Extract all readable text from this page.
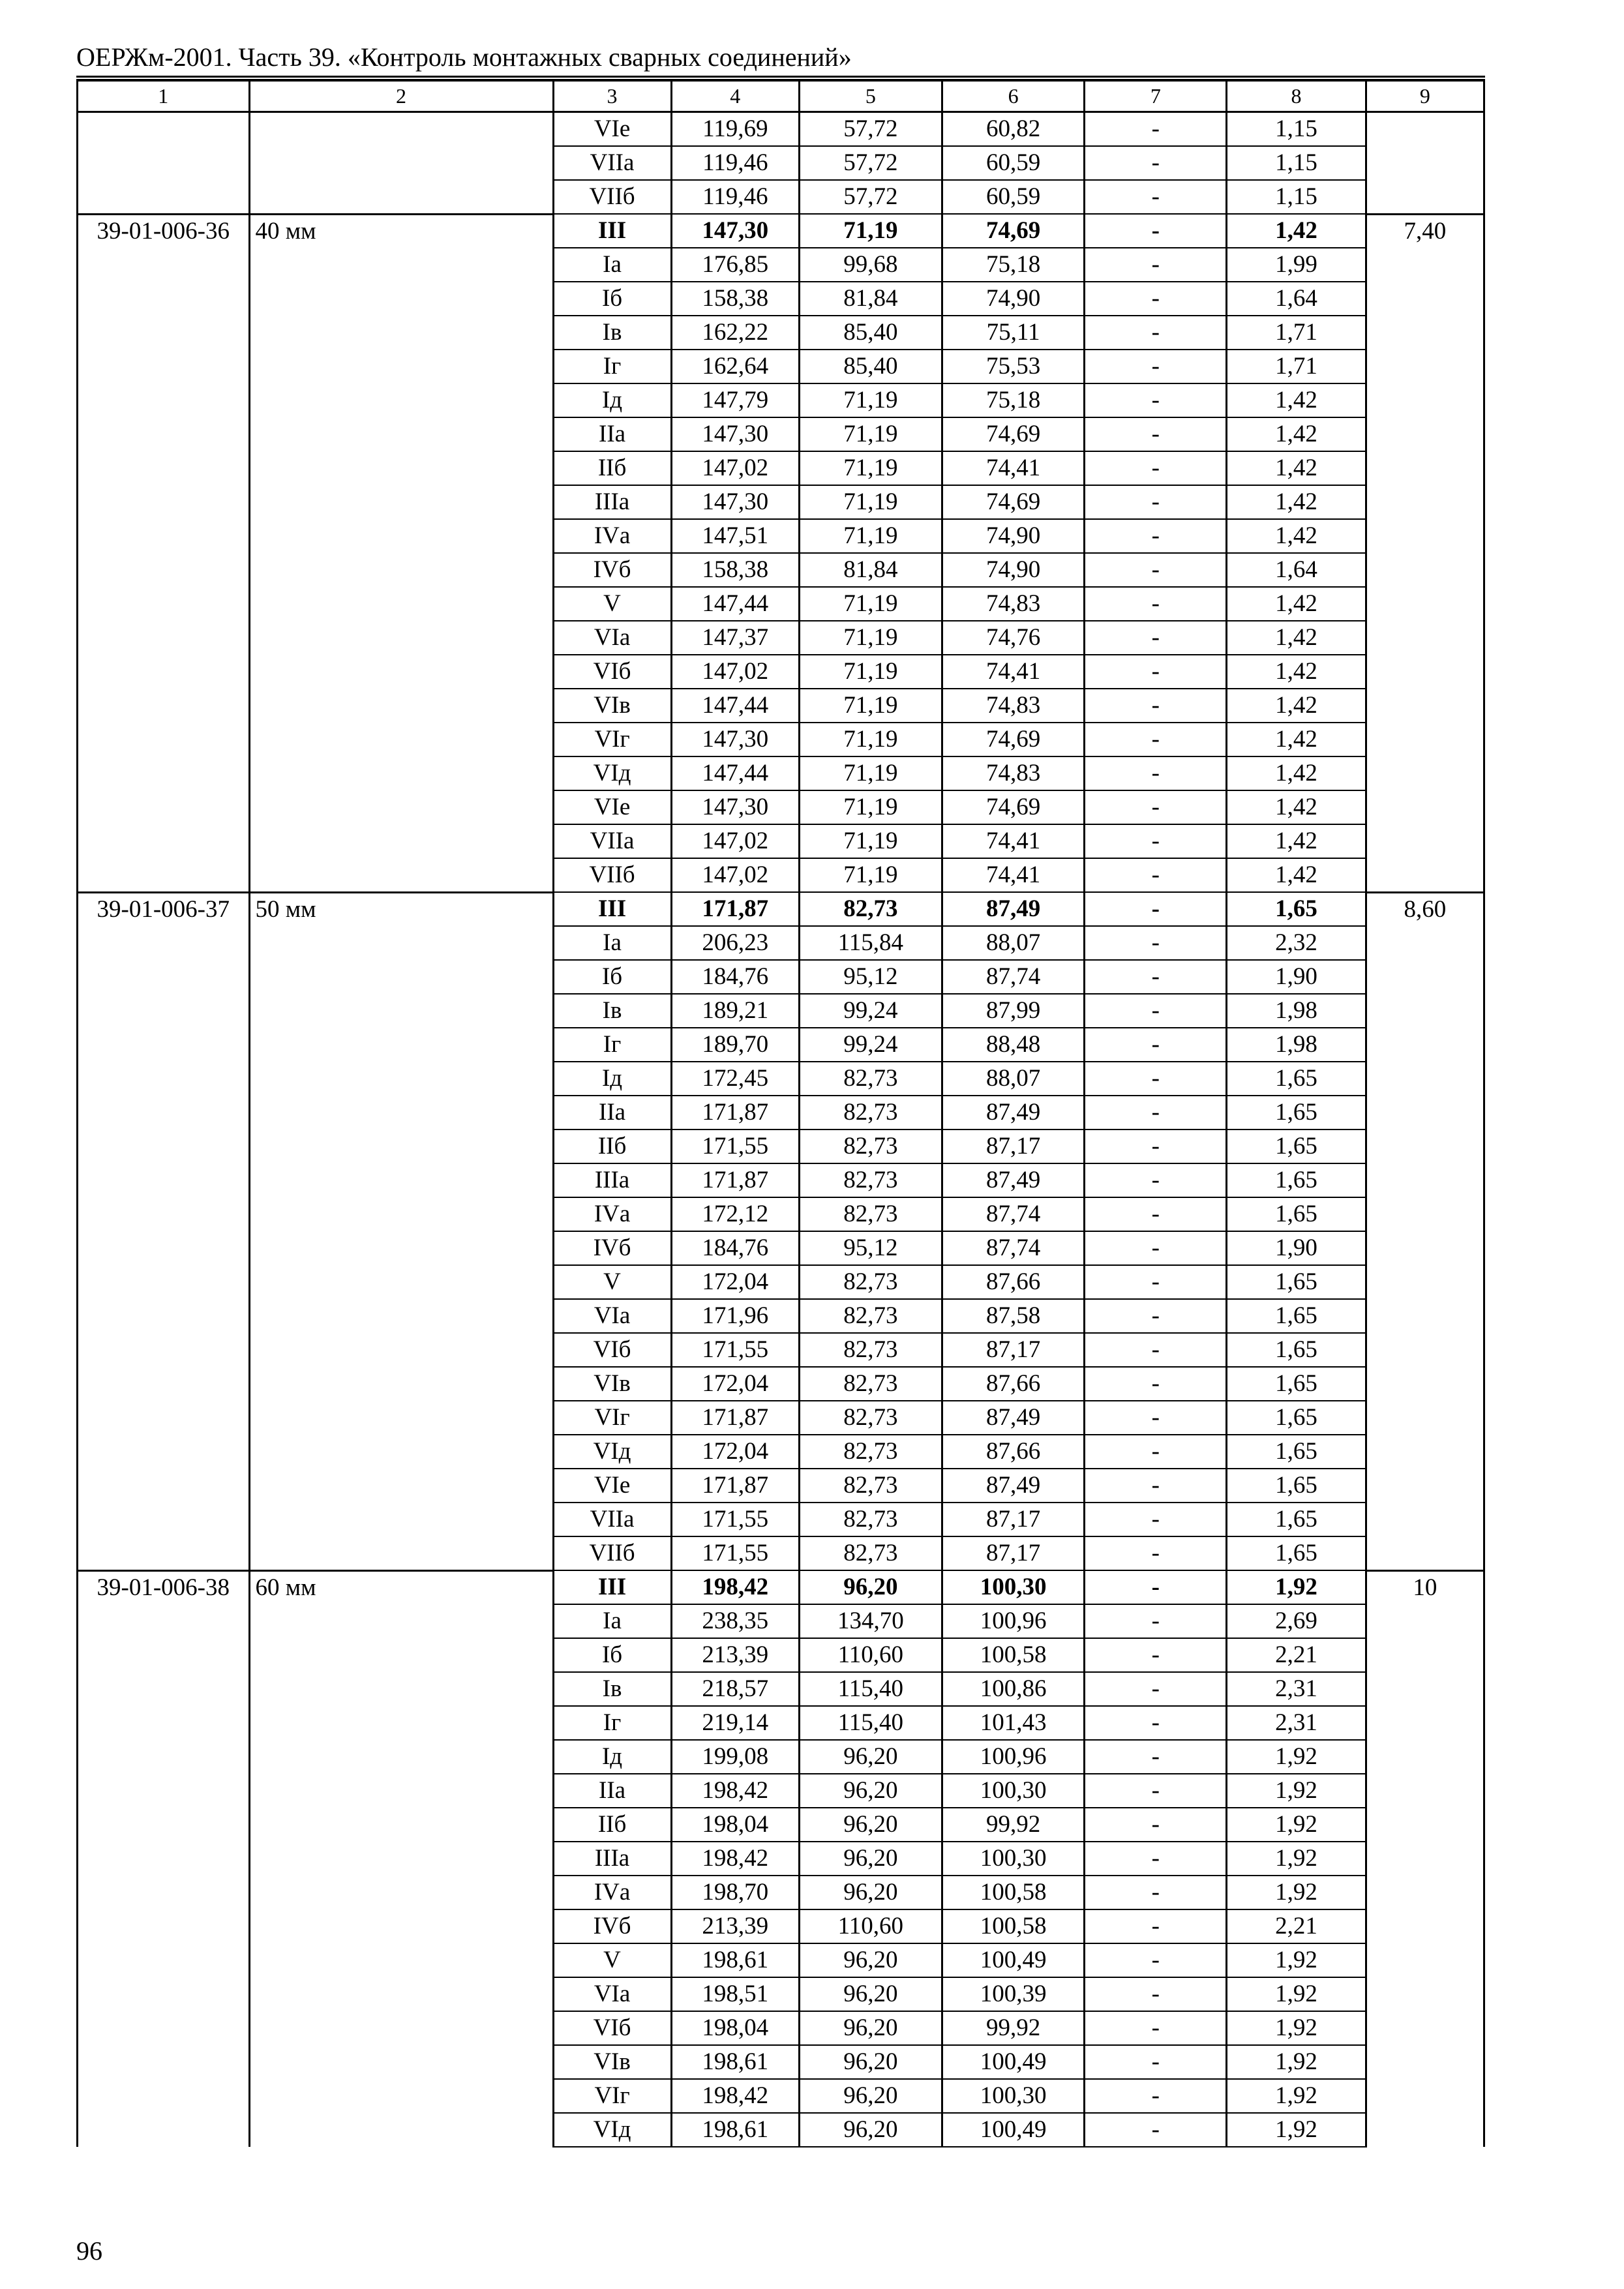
ОЕРЖм-2001. Часть 39. «Контроль монтажных сварных соединений»
1	2	3	4	5	6	7	8	9
		VIе	119,69	57,72	60,82	-	1,15	
		VIIа	119,46	57,72	60,59	-	1,15	
		VIIб	119,46	57,72	60,59	-	1,15	
39-01-006-36	40 мм	III	147,30	71,19	74,69	-	1,42	7,40
		Iа	176,85	99,68	75,18	-	1,99	
		Iб	158,38	81,84	74,90	-	1,64	
		Iв	162,22	85,40	75,11	-	1,71	
		Iг	162,64	85,40	75,53	-	1,71	
		Iд	147,79	71,19	75,18	-	1,42	
		IIа	147,30	71,19	74,69	-	1,42	
		IIб	147,02	71,19	74,41	-	1,42	
		IIIа	147,30	71,19	74,69	-	1,42	
		IVа	147,51	71,19	74,90	-	1,42	
		IVб	158,38	81,84	74,90	-	1,64	
		V	147,44	71,19	74,83	-	1,42	
		VIа	147,37	71,19	74,76	-	1,42	
		VIб	147,02	71,19	74,41	-	1,42	
		VIв	147,44	71,19	74,83	-	1,42	
		VIг	147,30	71,19	74,69	-	1,42	
		VIд	147,44	71,19	74,83	-	1,42	
		VIе	147,30	71,19	74,69	-	1,42	
		VIIа	147,02	71,19	74,41	-	1,42	
		VIIб	147,02	71,19	74,41	-	1,42	
39-01-006-37	50 мм	III	171,87	82,73	87,49	-	1,65	8,60
		Iа	206,23	115,84	88,07	-	2,32	
		Iб	184,76	95,12	87,74	-	1,90	
		Iв	189,21	99,24	87,99	-	1,98	
		Iг	189,70	99,24	88,48	-	1,98	
		Iд	172,45	82,73	88,07	-	1,65	
		IIа	171,87	82,73	87,49	-	1,65	
		IIб	171,55	82,73	87,17	-	1,65	
		IIIа	171,87	82,73	87,49	-	1,65	
		IVа	172,12	82,73	87,74	-	1,65	
		IVб	184,76	95,12	87,74	-	1,90	
		V	172,04	82,73	87,66	-	1,65	
		VIа	171,96	82,73	87,58	-	1,65	
		VIб	171,55	82,73	87,17	-	1,65	
		VIв	172,04	82,73	87,66	-	1,65	
		VIг	171,87	82,73	87,49	-	1,65	
		VIд	172,04	82,73	87,66	-	1,65	
		VIе	171,87	82,73	87,49	-	1,65	
		VIIа	171,55	82,73	87,17	-	1,65	
		VIIб	171,55	82,73	87,17	-	1,65	
39-01-006-38	60 мм	III	198,42	96,20	100,30	-	1,92	10
		Iа	238,35	134,70	100,96	-	2,69	
		Iб	213,39	110,60	100,58	-	2,21	
		Iв	218,57	115,40	100,86	-	2,31	
		Iг	219,14	115,40	101,43	-	2,31	
		Iд	199,08	96,20	100,96	-	1,92	
		IIа	198,42	96,20	100,30	-	1,92	
		IIб	198,04	96,20	99,92	-	1,92	
		IIIа	198,42	96,20	100,30	-	1,92	
		IVа	198,70	96,20	100,58	-	1,92	
		IVб	213,39	110,60	100,58	-	2,21	
		V	198,61	96,20	100,49	-	1,92	
		VIа	198,51	96,20	100,39	-	1,92	
		VIб	198,04	96,20	99,92	-	1,92	
		VIв	198,61	96,20	100,49	-	1,92	
		VIг	198,42	96,20	100,30	-	1,92	
		VIд	198,61	96,20	100,49	-	1,92	
96
